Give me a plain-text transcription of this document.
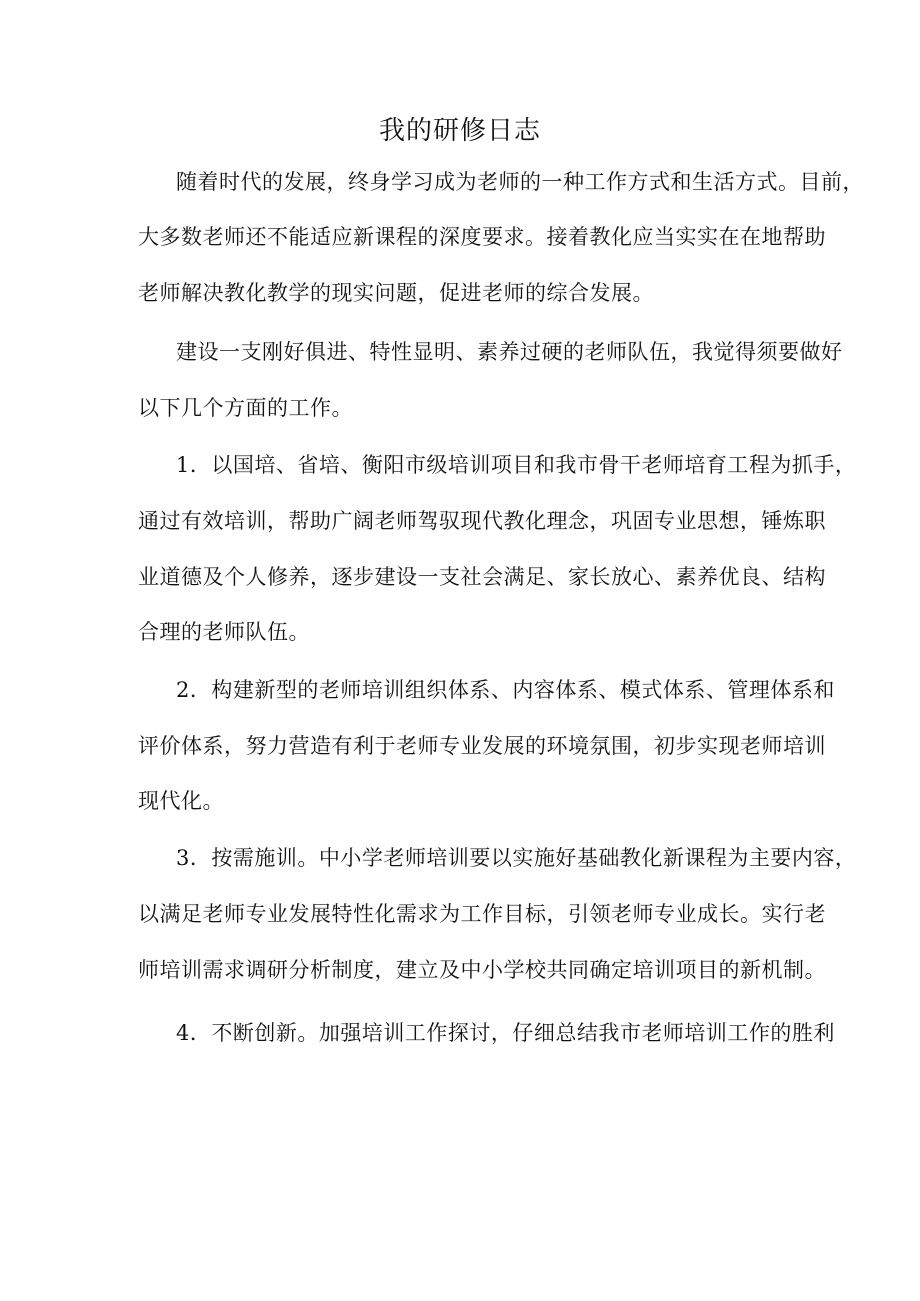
我的研修日志
随着时代的发展，终身学习成为老师的一种工作方式和生活方式。目前，
大多数老师还不能适应新课程的深度要求。接着教化应当实实在在地帮助
老师解决教化教学的现实问题，促进老师的综合发展。
建设一支刚好俱进、特性显明、素养过硬的老师队伍，我觉得须要做好
以下几个方面的工作。
1．以国培、省培、衡阳市级培训项目和我市骨干老师培育工程为抓手，
通过有效培训，帮助广阔老师驾驭现代教化理念，巩固专业思想，锤炼职
业道德及个人修养，逐步建设一支社会满足、家长放心、素养优良、结构
合理的老师队伍。
2．构建新型的老师培训组织体系、内容体系、模式体系、管理体系和
评价体系，努力营造有利于老师专业发展的环境氛围，初步实现老师培训
现代化。
3．按需施训。中小学老师培训要以实施好基础教化新课程为主要内容，
以满足老师专业发展特性化需求为工作目标，引领老师专业成长。实行老
师培训需求调研分析制度，建立及中小学校共同确定培训项目的新机制。
4．不断创新。加强培训工作探讨，仔细总结我市老师培训工作的胜利
